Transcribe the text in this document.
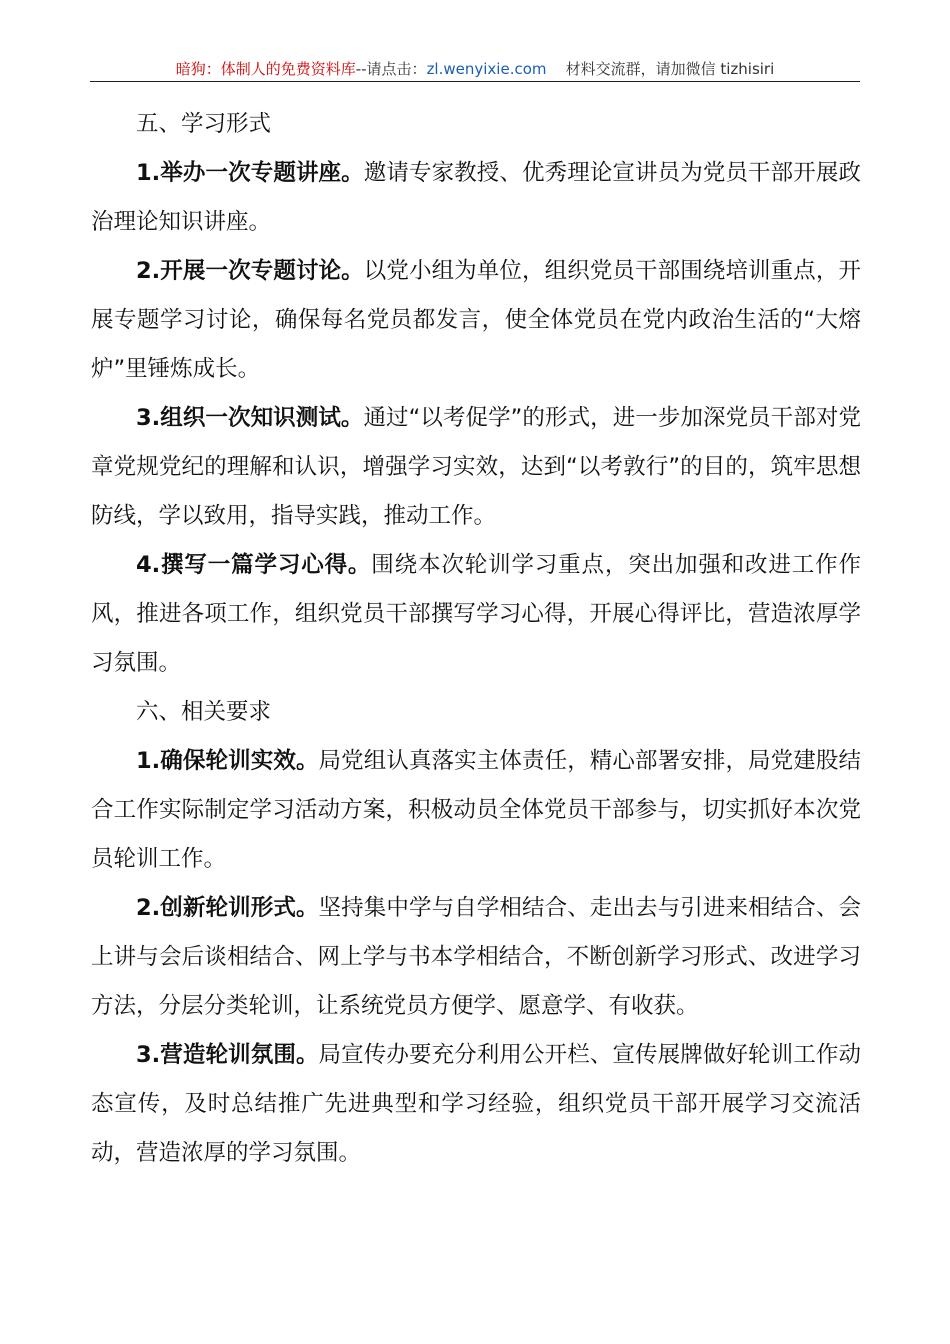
暗狗：体制人的免费资料库--请点击：zl.wenyixie.com 材料交流群，请加微信 tizhisiri

五、学习形式

1.举办一次专题讲座。邀请专家教授、优秀理论宣讲员为党员干部开展政治理论知识讲座。

2.开展一次专题讨论。以党小组为单位，组织党员干部围绕培训重点，开展专题学习讨论，确保每名党员都发言，使全体党员在党内政治生活的“大熔炉”里锤炼成长。

3.组织一次知识测试。通过“以考促学”的形式，进一步加深党员干部对党章党规党纪的理解和认识，增强学习实效，达到“以考敦行”的目的，筑牢思想防线，学以致用，指导实践，推动工作。

4.撰写一篇学习心得。围绕本次轮训学习重点，突出加强和改进工作作风，推进各项工作，组织党员干部撰写学习心得，开展心得评比，营造浓厚学习氛围。

六、相关要求

1.确保轮训实效。局党组认真落实主体责任，精心部署安排，局党建股结合工作实际制定学习活动方案，积极动员全体党员干部参与，切实抓好本次党员轮训工作。

2.创新轮训形式。坚持集中学与自学相结合、走出去与引进来相结合、会上讲与会后谈相结合、网上学与书本学相结合，不断创新学习形式、改进学习方法，分层分类轮训，让系统党员方便学、愿意学、有收获。

3.营造轮训氛围。局宣传办要充分利用公开栏、宣传展牌做好轮训工作动态宣传，及时总结推广先进典型和学习经验，组织党员干部开展学习交流活动，营造浓厚的学习氛围。
